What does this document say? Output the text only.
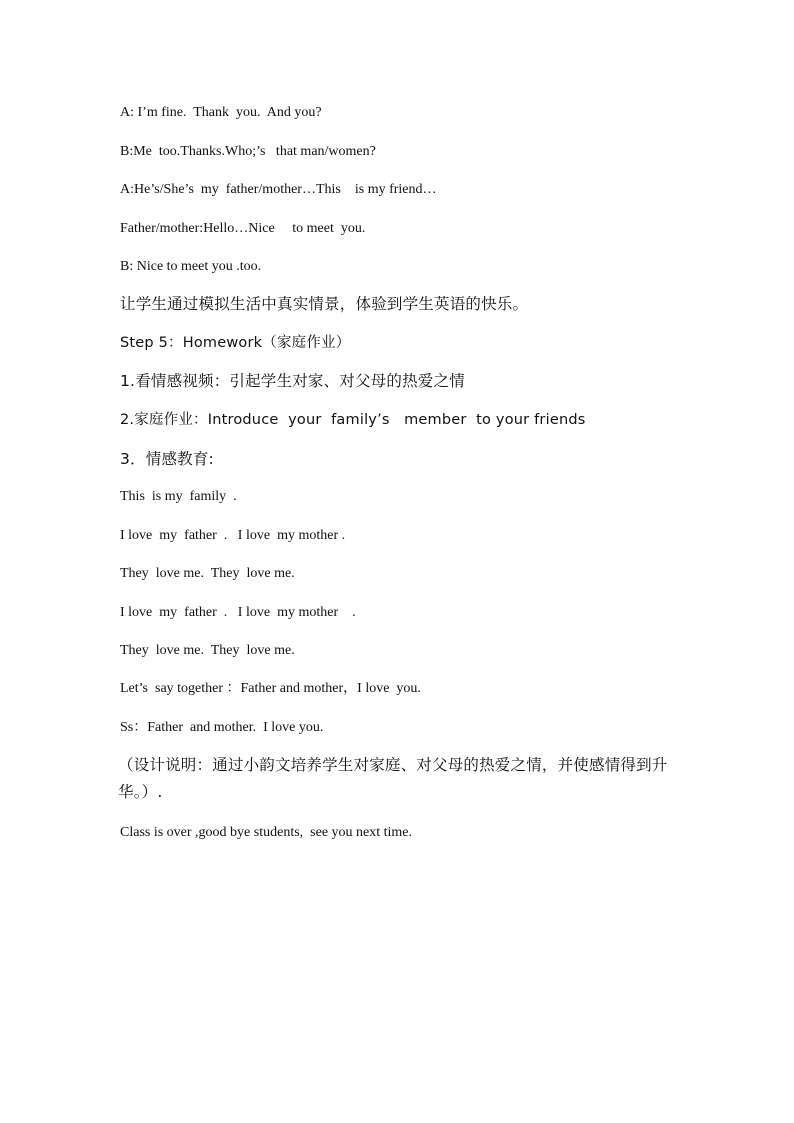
A: I’m fine.  Thank  you.  And you?
B:Me  too.Thanks.Who;’s   that man/women?
A:He’s/She’s  my  father/mother…This    is my friend…
Father/mother:Hello…Nice     to meet  you.
B: Nice to meet you .too.
让学生通过模拟生活中真实情景，体验到学生英语的快乐。
Step 5：Homework（家庭作业）
1.看情感视频：引起学生对家、对父母的热爱之情
2.家庭作业：Introduce  your  family’s   member  to your friends
3．情感教育:
This  is my  family  .
I love  my  father  .   I love  my mother .
They  love me.  They  love me.
I love  my  father  .   I love  my mother    .
They  love me.  They  love me.
Let’s  say together ：Father and mother，I love  you.
Ss：Father  and mother.  I love you.
（设计说明：通过小韵文培养学生对家庭、对父母的热爱之情，并使感情得到升华。）.
Class is over ,good bye students,  see you next time.
